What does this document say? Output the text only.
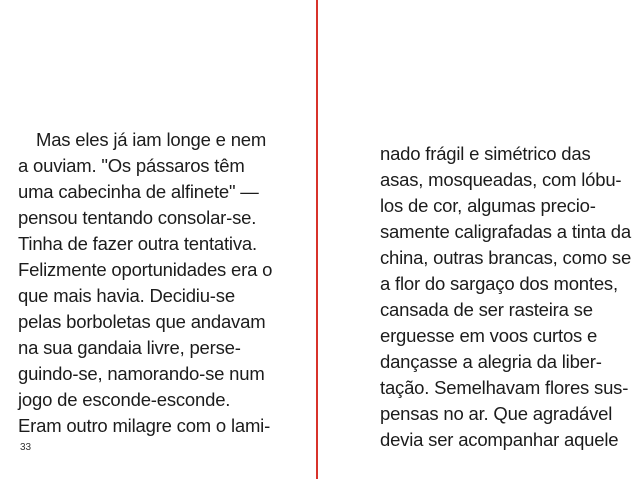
Mas eles já iam longe e nem
a ouviam. "Os pássaros têm
uma cabecinha de alfinete" —
pensou tentando consolar-se.
Tinha de fazer outra tentativa.
Felizmente oportunidades era o
que mais havia. Decidiu-se
pelas borboletas que andavam
na sua gandaia livre, perse-
guindo-se, namorando-se num
jogo de esconde-esconde.
Eram outro milagre com o lami-
33
nado frágil e simétrico das
asas, mosqueadas, com lóbu-
los de cor, algumas precio-
samente caligrafadas a tinta da
china, outras brancas, como se
a flor do sargaço dos montes,
cansada de ser rasteira se
erguesse em voos curtos e
dançasse a alegria da liber-
tação. Semelhavam flores sus-
pensas no ar. Que agradável
devia ser acompanhar aquele
